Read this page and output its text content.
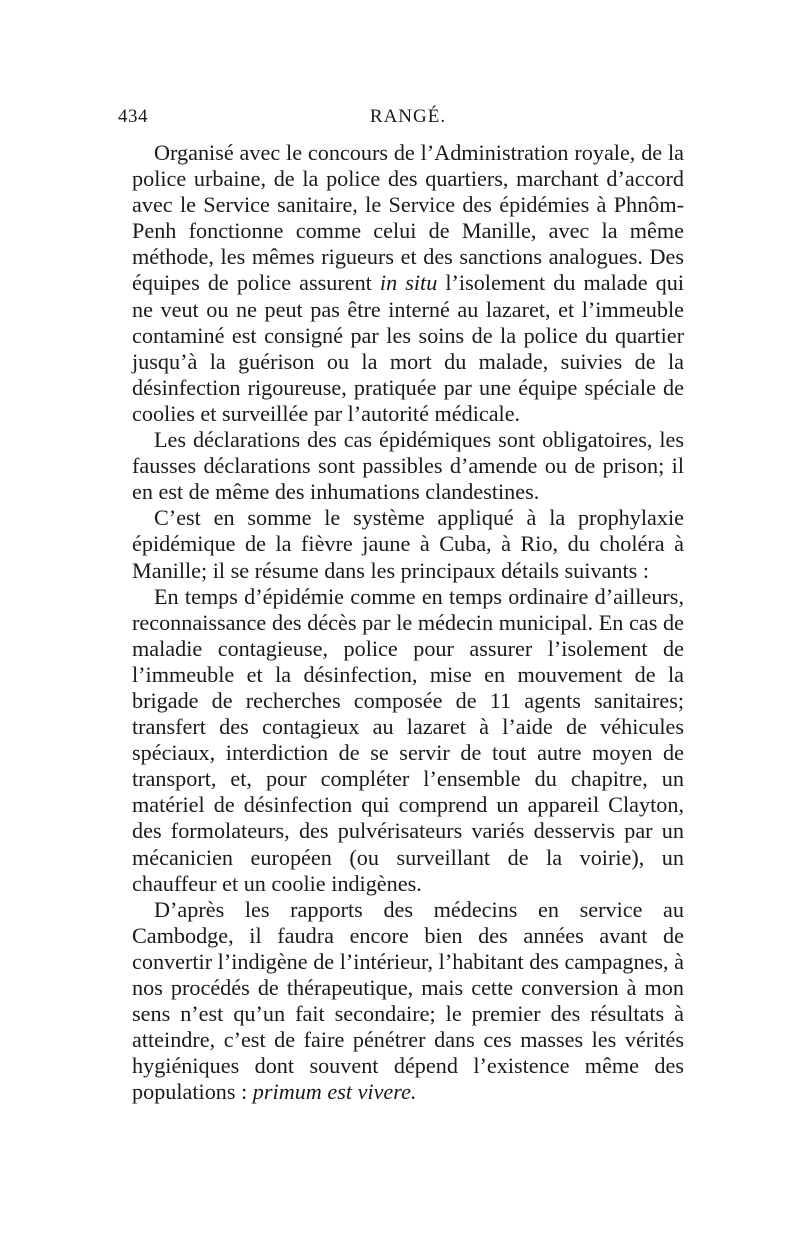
434	RANGÉ.

Organisé avec le concours de l’Administration royale, de la police urbaine, de la police des quartiers, marchant d’accord avec le Service sanitaire, le Service des épidémies à Phnôm-Penh fonctionne comme celui de Manille, avec la même méthode, les mêmes rigueurs et des sanctions analogues. Des équipes de police assurent in situ l’isolement du malade qui ne veut ou ne peut pas être interné au lazaret, et l’immeuble contaminé est consigné par les soins de la police du quartier jusqu’à la guérison ou la mort du malade, suivies de la désinfection rigoureuse, pratiquée par une équipe spéciale de coolies et surveillée par l’autorité médicale.

Les déclarations des cas épidémiques sont obligatoires, les fausses déclarations sont passibles d’amende ou de prison; il en est de même des inhumations clandestines.

C’est en somme le système appliqué à la prophylaxie épidémique de la fièvre jaune à Cuba, à Rio, du choléra à Manille; il se résume dans les principaux détails suivants :

En temps d’épidémie comme en temps ordinaire d’ailleurs, reconnaissance des décès par le médecin municipal. En cas de maladie contagieuse, police pour assurer l’isolement de l’immeuble et la désinfection, mise en mouvement de la brigade de recherches composée de 11 agents sanitaires; transfert des contagieux au lazaret à l’aide de véhicules spéciaux, interdiction de se servir de tout autre moyen de transport, et, pour compléter l’ensemble du chapitre, un matériel de désinfection qui comprend un appareil Clayton, des formolateurs, des pulvérisateurs variés desservis par un mécanicien européen (ou surveillant de la voirie), un chauffeur et un coolie indigènes.

D’après les rapports des médecins en service au Cambodge, il faudra encore bien des années avant de convertir l’indigène de l’intérieur, l’habitant des campagnes, à nos procédés de thérapeutique, mais cette conversion à mon sens n’est qu’un fait secondaire; le premier des résultats à atteindre, c’est de faire pénétrer dans ces masses les vérités hygiéniques dont souvent dépend l’existence même des populations : primum est vivere.
